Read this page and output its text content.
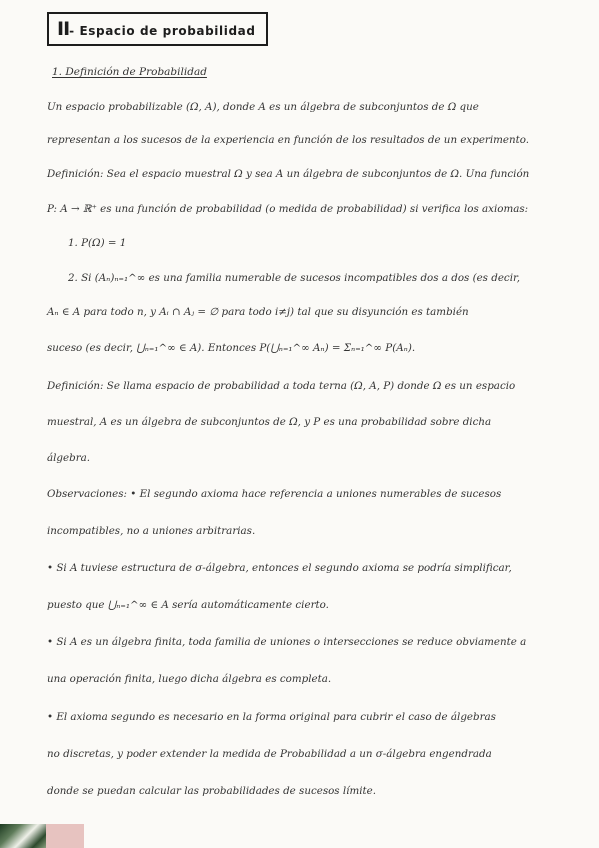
II- Espacio de probabilidad
1. Definición de Probabilidad
Un espacio probabilizable (Ω, A), donde A es un álgebra de subconjuntos de Ω que
representan a los sucesos de la experiencia en función de los resultados de un experimento.
Definición: Sea el espacio muestral Ω y sea A un álgebra de subconjuntos de Ω. Una función
P: A → ℝ⁺ es una función de probabilidad (o medida de probabilidad) si verifica los axiomas:
1. P(Ω) = 1
2. Si (Aₙ)ₙ₌₁^∞ es una familia numerable de sucesos incompatibles dos a dos (es decir,
Aₙ ∈ A para todo n, y Aᵢ ∩ Aⱼ = ∅ para todo i≠j) tal que su disyunción es también
suceso (es decir, ⋃ₙ₌₁^∞ ∈ A). Entonces P(⋃ₙ₌₁^∞ Aₙ) = Σₙ₌₁^∞ P(Aₙ).
Definición: Se llama espacio de probabilidad a toda terna (Ω, A, P) donde Ω es un espacio
muestral, A es un álgebra de subconjuntos de Ω, y P es una probabilidad sobre dicha
álgebra.
Observaciones: • El segundo axioma hace referencia a uniones numerables de sucesos
incompatibles, no a uniones arbitrarias.
• Si A tuviese estructura de σ-álgebra, entonces el segundo axioma se podría simplificar,
puesto que ⋃ₙ₌₁^∞ ∈ A sería automáticamente cierto.
• Si A es un álgebra finita, toda familia de uniones o intersecciones se reduce obviamente a
una operación finita, luego dicha álgebra es completa.
• El axioma segundo es necesario en la forma original para cubrir el caso de álgebras
no discretas, y poder extender la medida de Probabilidad a un σ-álgebra engendrada
donde se puedan calcular las probabilidades de sucesos límite.
